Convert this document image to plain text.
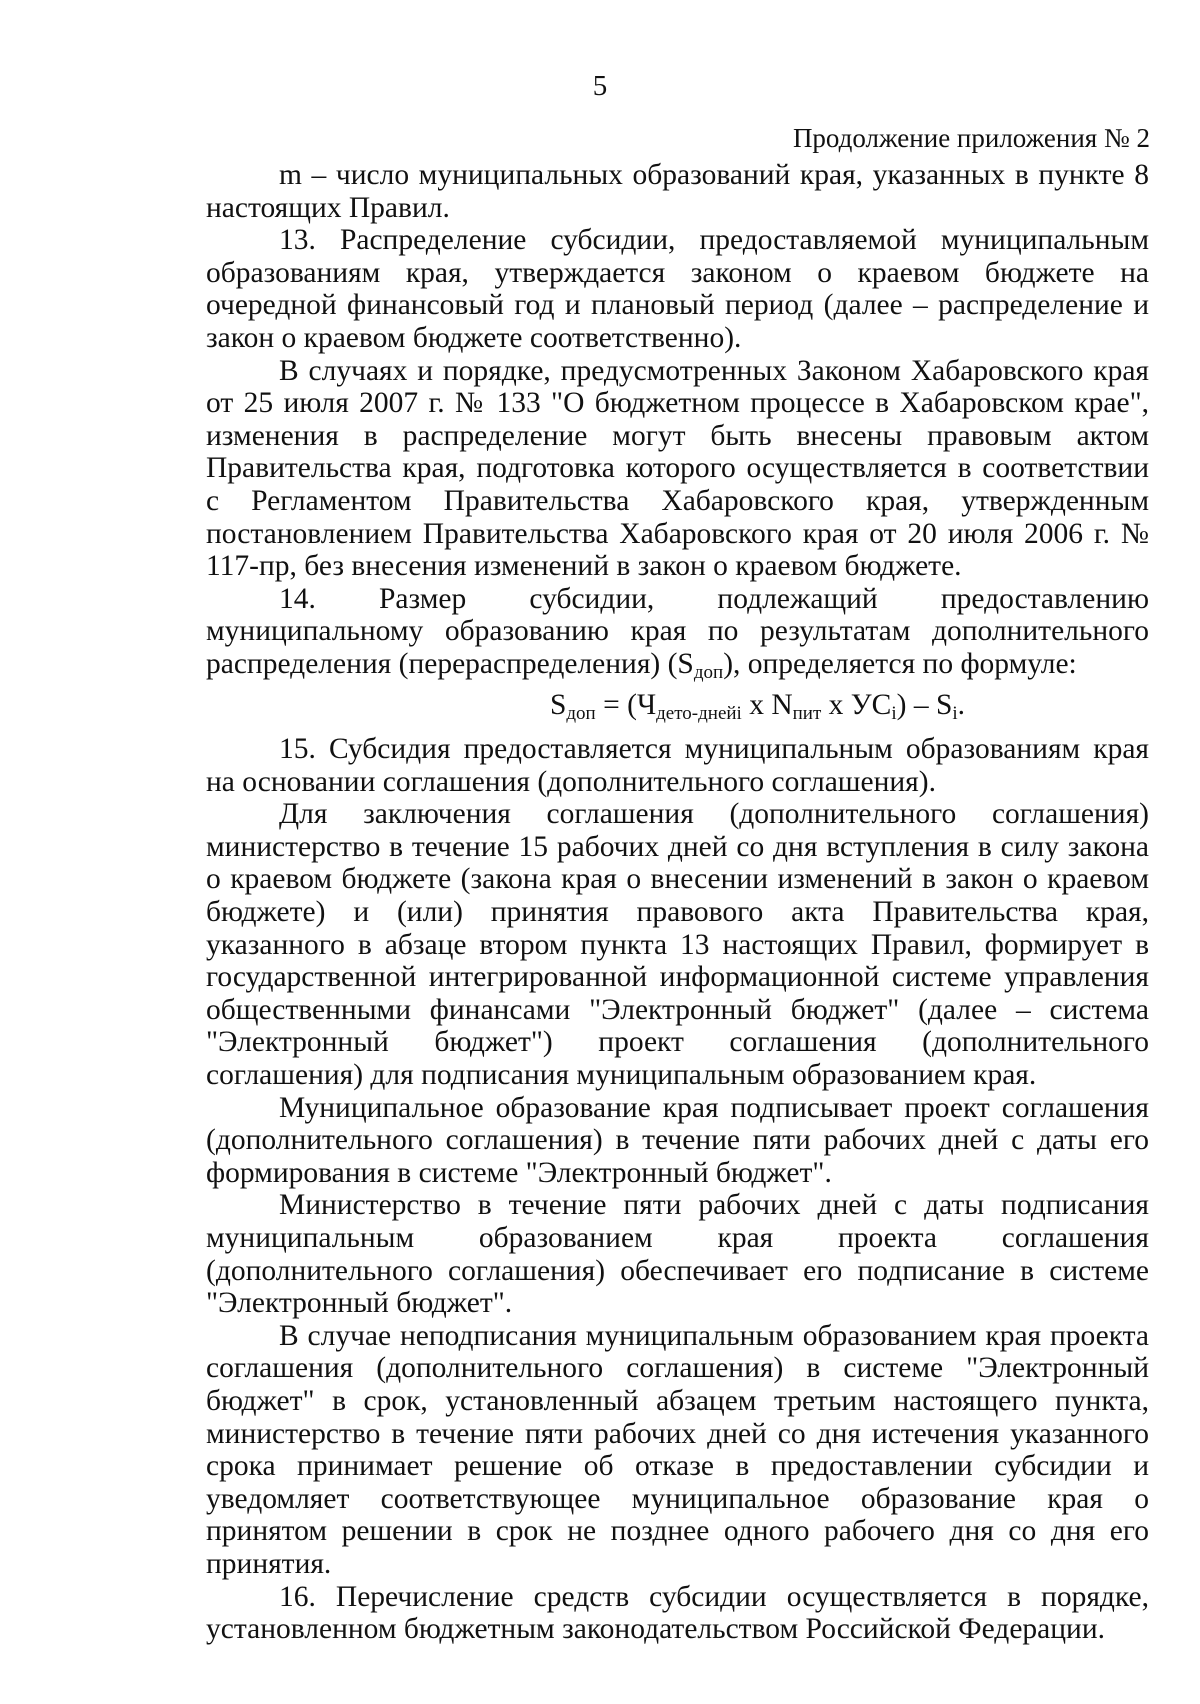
5
Продолжение приложения № 2

m – число муниципальных образований края, указанных в пункте 8 настоящих Правил.

13. Распределение субсидии, предоставляемой муниципальным образованиям края, утверждается законом о краевом бюджете на очередной финансовый год и плановый период (далее – распределение и закон о краевом бюджете соответственно).

В случаях и порядке, предусмотренных Законом Хабаровского края от 25 июля 2007 г. № 133 "О бюджетном процессе в Хабаровском крае", изменения в распределение могут быть внесены правовым актом Правительства края, подготовка которого осуществляется в соответствии с Регламентом Правительства Хабаровского края, утвержденным постановлением Правительства Хабаровского края от 20 июля 2006 г. № 117-пр, без внесения изменений в закон о краевом бюджете.

14. Размер субсидии, подлежащий предоставлению муниципальному образованию края по результатам дополнительного распределения (перераспределения) (Sдоп), определяется по формуле:

$S_{доп} = (Ч_{дето-днейi}$ x $N_{пит}$ x $УС_i) - S_i$.

15. Субсидия предоставляется муниципальным образованиям края на основании соглашения (дополнительного соглашения).

Для заключения соглашения (дополнительного соглашения) министерство в течение 15 рабочих дней со дня вступления в силу закона о краевом бюджете (закона края о внесении изменений в закон о краевом бюджете) и (или) принятия правового акта Правительства края, указанного в абзаце втором пункта 13 настоящих Правил, формирует в государственной интегрированной информационной системе управления общественными финансами "Электронный бюджет" (далее – система "Электронный бюджет") проект соглашения (дополнительного соглашения) для подписания муниципальным образованием края.

Муниципальное образование края подписывает проект соглашения (дополнительного соглашения) в течение пяти рабочих дней с даты его формирования в системе "Электронный бюджет".

Министерство в течение пяти рабочих дней с даты подписания муниципальным образованием края проекта соглашения (дополнительного соглашения) обеспечивает его подписание в системе "Электронный бюджет".

В случае неподписания муниципальным образованием края проекта соглашения (дополнительного соглашения) в системе "Электронный бюджет" в срок, установленный абзацем третьим настоящего пункта, министерство в течение пяти рабочих дней со дня истечения указанного срока принимает решение об отказе в предоставлении субсидии и уведомляет соответствующее муниципальное образование края о принятом решении в срок не позднее одного рабочего дня со дня его принятия.

16. Перечисление средств субсидии осуществляется в порядке, установленном бюджетным законодательством Российской Федерации.
